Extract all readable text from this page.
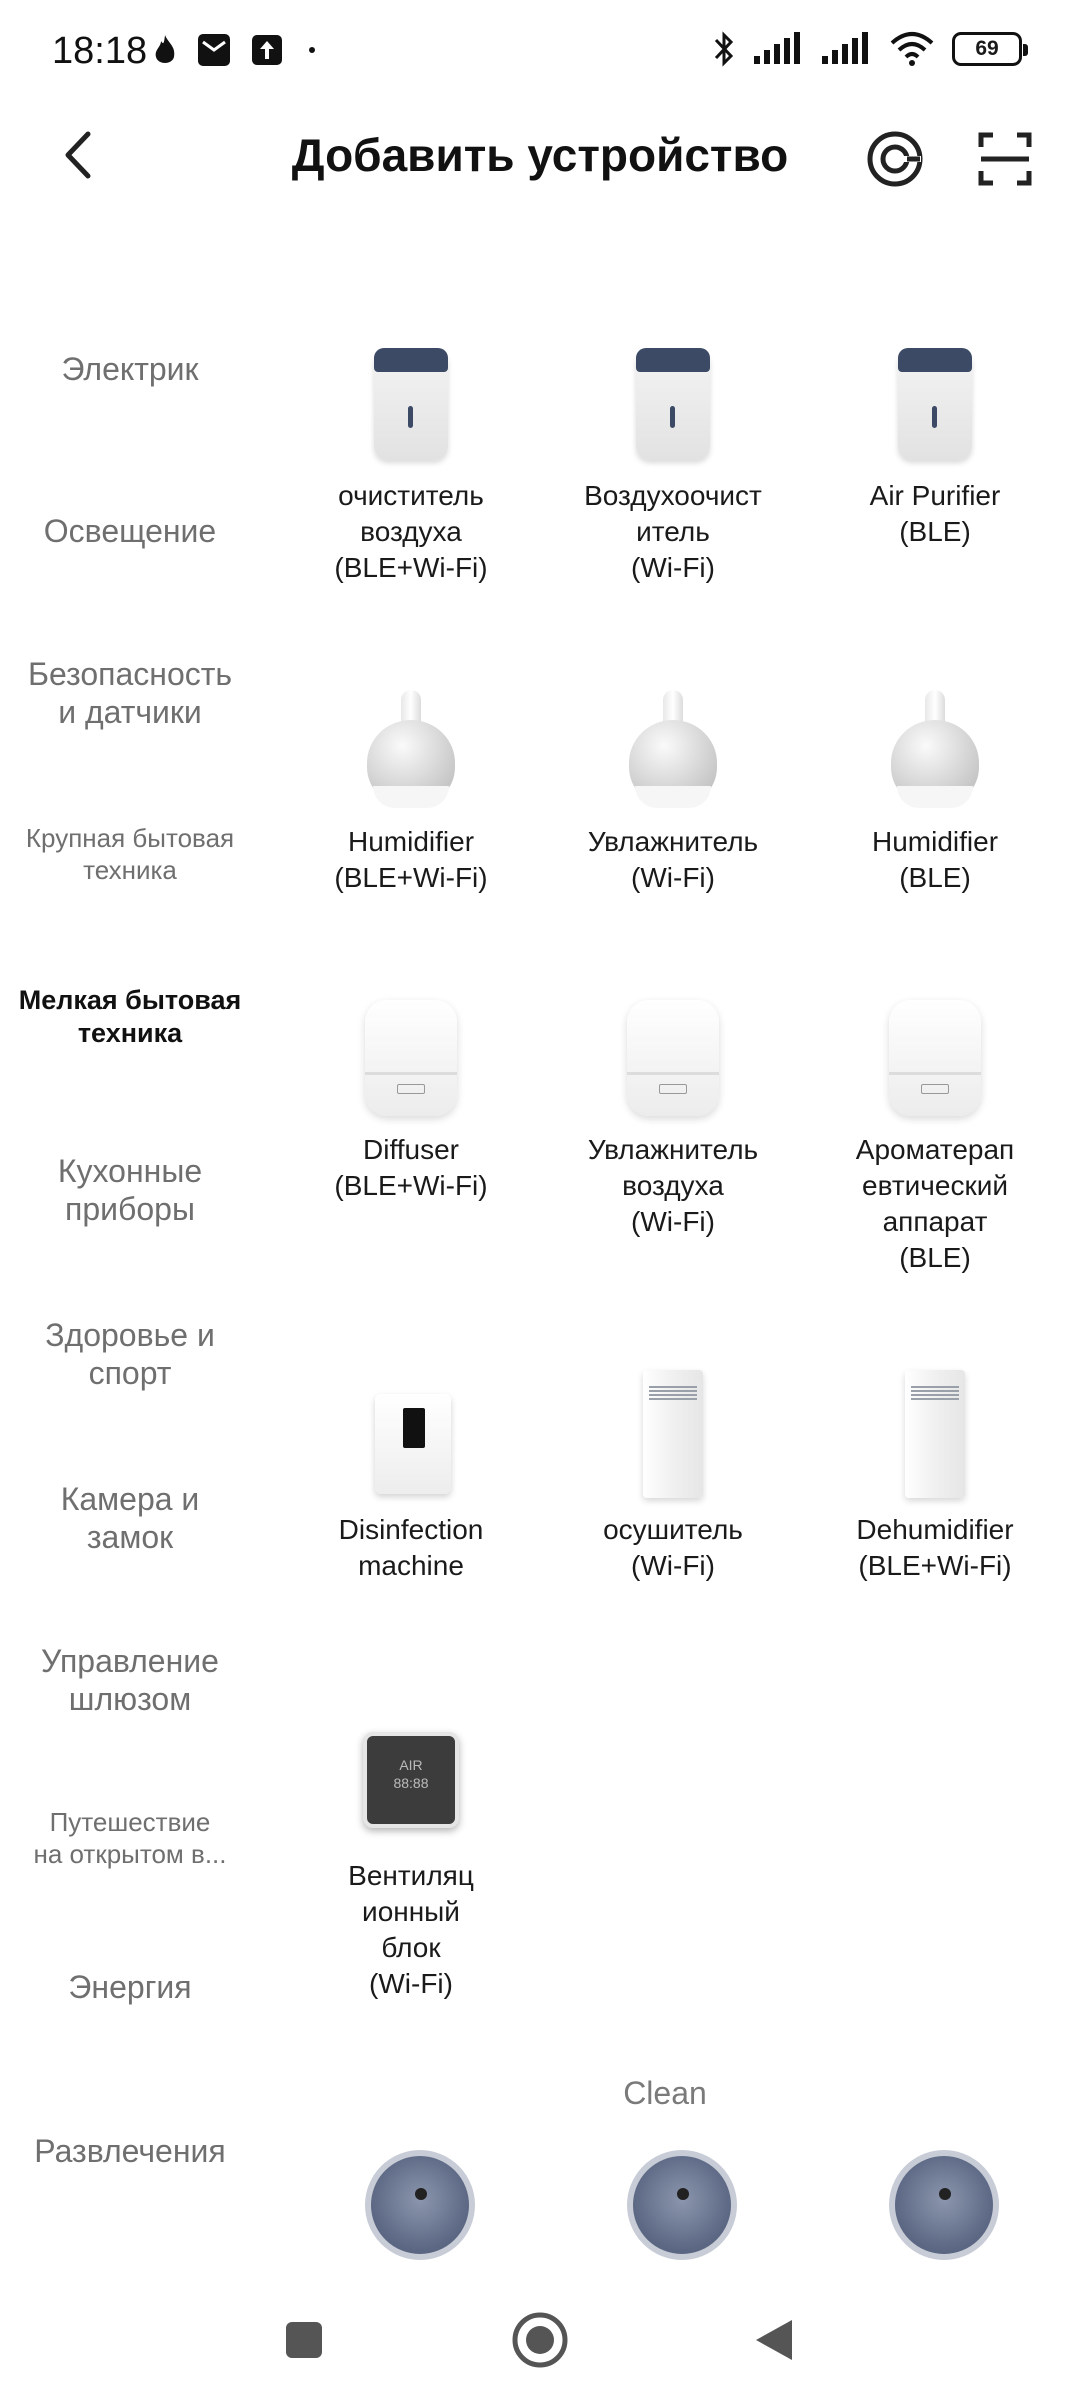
18:18	69
Добавить устройство
Электрик
Освещение
Безопасность
и датчики
Крупная бытовая
техника
Мелкая бытовая
техника
Кухонные
приборы
Здоровье и
спорт
Камера и
замок
Управление
шлюзом
Путешествие
на открытом в...
Энергия
Развлечения
очиститель
воздуха
(BLE+Wi-Fi)
Воздухоочист
итель
(Wi-Fi)
Air Purifier
(BLE)
Humidifier
(BLE+Wi-Fi)
Увлажнитель
(Wi-Fi)
Humidifier
(BLE)
Diffuser
(BLE+Wi-Fi)
Увлажнитель
воздуха
(Wi-Fi)
Ароматерап
евтический
аппарат
(BLE)
Disinfection
machine
осушитель
(Wi-Fi)
Dehumidifier
(BLE+Wi-Fi)
AIR
88:88
Вентиляц
ионный
блок
(Wi-Fi)
Clean
